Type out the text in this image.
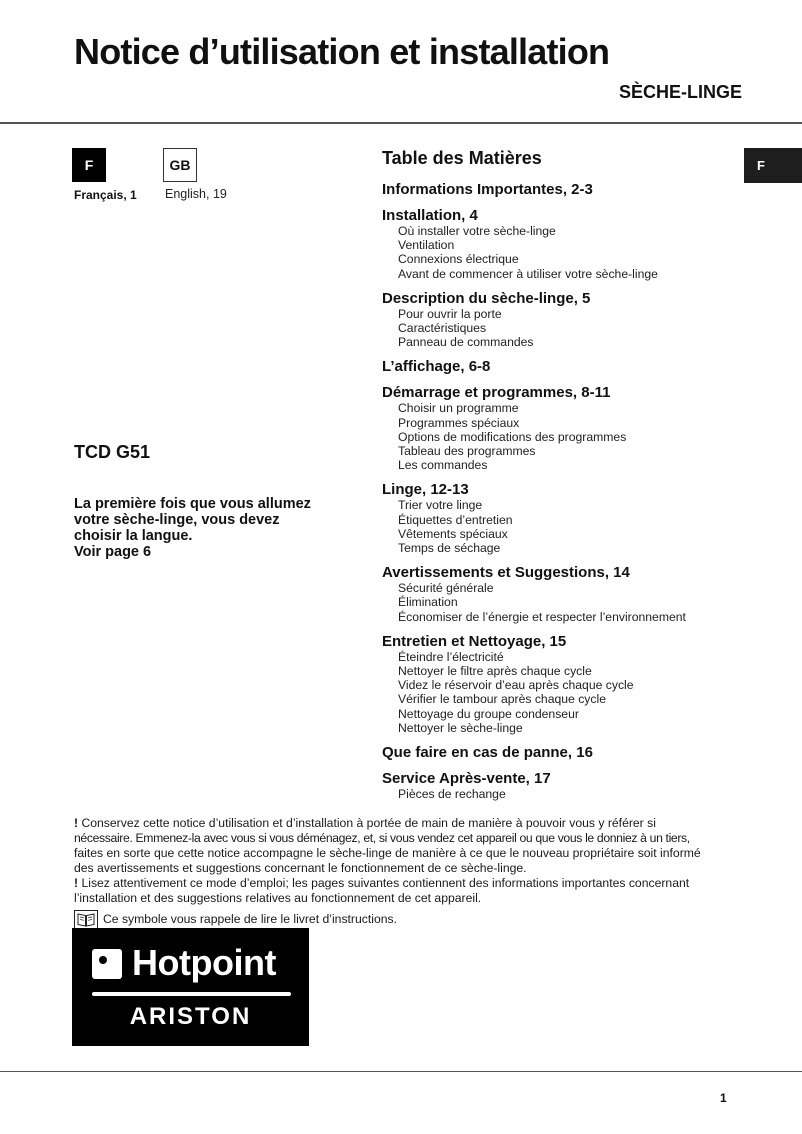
Notice d’utilisation et installation
SÈCHE-LINGE
F	GB
Français, 1 English, 19
F
TCD G51
La première fois que vous allumez
votre sèche-linge, vous devez
choisir la langue.
Voir page 6
Table des Matières
Informations Importantes, 2-3
Installation, 4
Où installer votre sèche-linge
Ventilation
Connexions électrique
Avant de commencer à utiliser votre sèche-linge
Description du sèche-linge, 5
Pour ouvrir la porte
Caractéristiques
Panneau de commandes
L’affichage, 6-8
Démarrage et programmes, 8-11
Choisir un programme
Programmes spéciaux
Options de modifications des programmes
Tableau des programmes
Les commandes
Linge, 12-13
Trier votre linge
Étiquettes d’entretien
Vêtements spéciaux
Temps de séchage
Avertissements et Suggestions, 14
Sécurité générale
Élimination
Économiser de l’énergie et respecter l’environnement
Entretien et Nettoyage, 15
Éteindre l’électricité
Nettoyer le filtre après chaque cycle
Videz le réservoir d’eau après chaque cycle
Vérifier le tambour après chaque cycle
Nettoyage du groupe condenseur
Nettoyer le sèche-linge
Que faire en cas de panne, 16
Service Après-vente, 17
Pièces de rechange

! Conservez cette notice d’utilisation et d’installation à portée de main de manière à pouvoir vous y référer si

nécessaire. Emmenez-la avec vous si vous déménagez, et, si vous vendez cet appareil ou que vous le donniez à un tiers,

faites en sorte que cette notice accompagne le sèche-linge de manière à ce que le nouveau propriétaire soit informé

des avertissements et suggestions concernant le fonctionnement de ce sèche-linge.

! Lisez attentivement ce mode d’emploi; les pages suivantes contiennent des informations importantes concernant

l’installation et des suggestions relatives au fonctionnement de cet appareil.

Ce symbole vous rappele de lire le livret d’instructions.
Hotpoint
ARISTON
1
